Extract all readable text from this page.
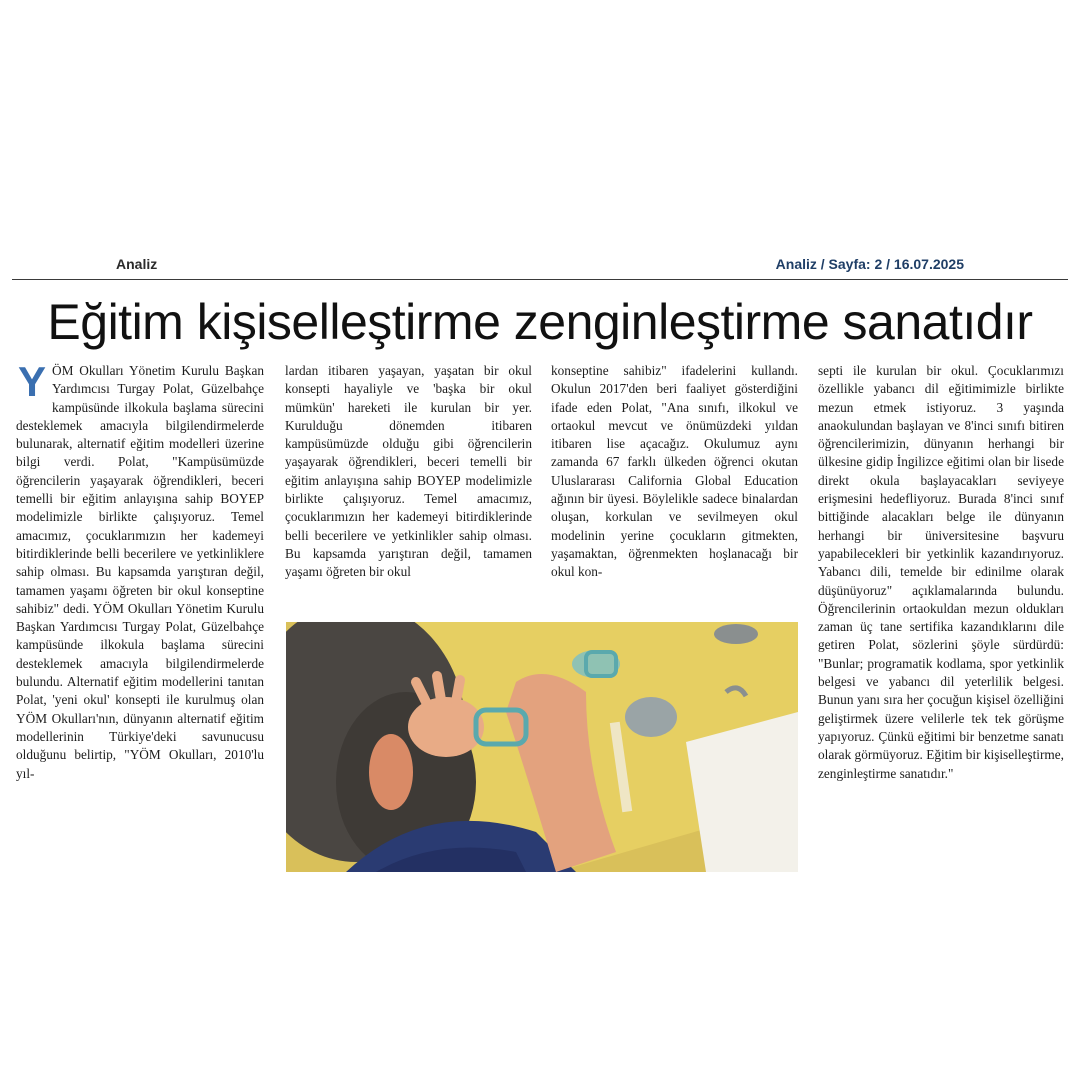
Analiz	Analiz / Sayfa: 2 / 16.07.2025
Eğitim kişiselleştirme zenginleştirme sanatıdır
Y ÖM Okulları Yönetim Kurulu Başkan Yardımcısı Turgay Polat, Güzelbahçe kampüsünde ilkokula başlama sürecini desteklemek amacıyla bilgilendirmelerde bulunarak, alternatif eğitim modelleri üzerine bilgi verdi. Polat, "Kampüsümüzde öğrencilerin yaşayarak öğrendikleri, beceri temelli bir eğitim anlayışına sahip BOYEP modelimizle birlikte çalışıyoruz. Temel amacımız, çocuklarımızın her kademeyi bitirdiklerinde belli becerilere ve yetkinliklere sahip olması. Bu kapsamda yarıştıran değil, tamamen yaşamı öğreten bir okul konseptine sahibiz" dedi. YÖM Okulları Yönetim Kurulu Başkan Yardımcısı Turgay Polat, Güzelbahçe kampüsünde ilkokula başlama sürecini desteklemek amacıyla bilgilendirmelerde bulundu. Alternatif eğitim modellerini tanıtan Polat, 'yeni okul' konsepti ile kurulmuş olan YÖM Okulları'nın, dünyanın alternatif eğitim modellerinin Türkiye'deki savunucusu olduğunu belirtip, "YÖM Okulları, 2010'lu yıl-

lardan itibaren yaşayan, yaşatan bir okul konsepti hayaliyle ve 'başka bir okul mümkün' hareketi ile kurulan bir yer. Kurulduğu dönemden itibaren kampüsümüzde olduğu gibi öğrencilerin yaşayarak öğrendikleri, beceri temelli bir eğitim anlayışına sahip BOYEP modelimizle birlikte çalışıyoruz. Temel amacımız, çocuklarımızın her kademeyi bitirdiklerinde belli becerilere ve yetkinlikler sahip olması. Bu kapsamda yarıştıran değil, tamamen yaşamı öğreten bir okul

konseptine sahibiz" ifadelerini kullandı. Okulun 2017'den beri faaliyet gösterdiğini ifade eden Polat, "Ana sınıfı, ilkokul ve ortaokul mevcut ve önümüzdeki yıldan itibaren lise açacağız. Okulumuz aynı zamanda 67 farklı ülkeden öğrenci okutan Uluslararası California Global Education ağının bir üyesi. Böylelikle sadece binalardan oluşan, korkulan ve sevilmeyen okul modelinin yerine çocukların gitmekten, yaşamaktan, öğrenmekten hoşlanacağı bir okul kon-

septi ile kurulan bir okul. Çocuklarımızı özellikle yabancı dil eğitimimizle birlikte mezun etmek istiyoruz. 3 yaşında anaokulundan başlayan ve 8'inci sınıfı bitiren öğrencilerimizin, dünyanın herhangi bir ülkesine gidip İngilizce eğitimi olan bir lisede direkt okula başlayacakları seviyeye erişmesini hedefliyoruz. Burada 8'inci sınıf bittiğinde alacakları belge ile dünyanın herhangi bir üniversitesine başvuru yapabilecekleri bir yetkinlik kazandırıyoruz. Yabancı dili, temelde bir edinilme olarak düşünüyoruz" açıklamalarında bulundu. Öğrencilerinin ortaokuldan mezun oldukları zaman üç tane sertifika kazandıklarını dile getiren Polat, sözlerini şöyle sürdürdü: "Bunlar; programatik kodlama, spor yetkinlik belgesi ve yabancı dil yeterlilik belgesi. Bunun yanı sıra her çocuğun kişisel özelliğini geliştirmek üzere velilerle tek tek görüşme yapıyoruz. Çünkü eğitimi bir benzetme sanatı olarak görmüyoruz. Eğitim bir kişiselleştirme, zenginleştirme sanatıdır."
